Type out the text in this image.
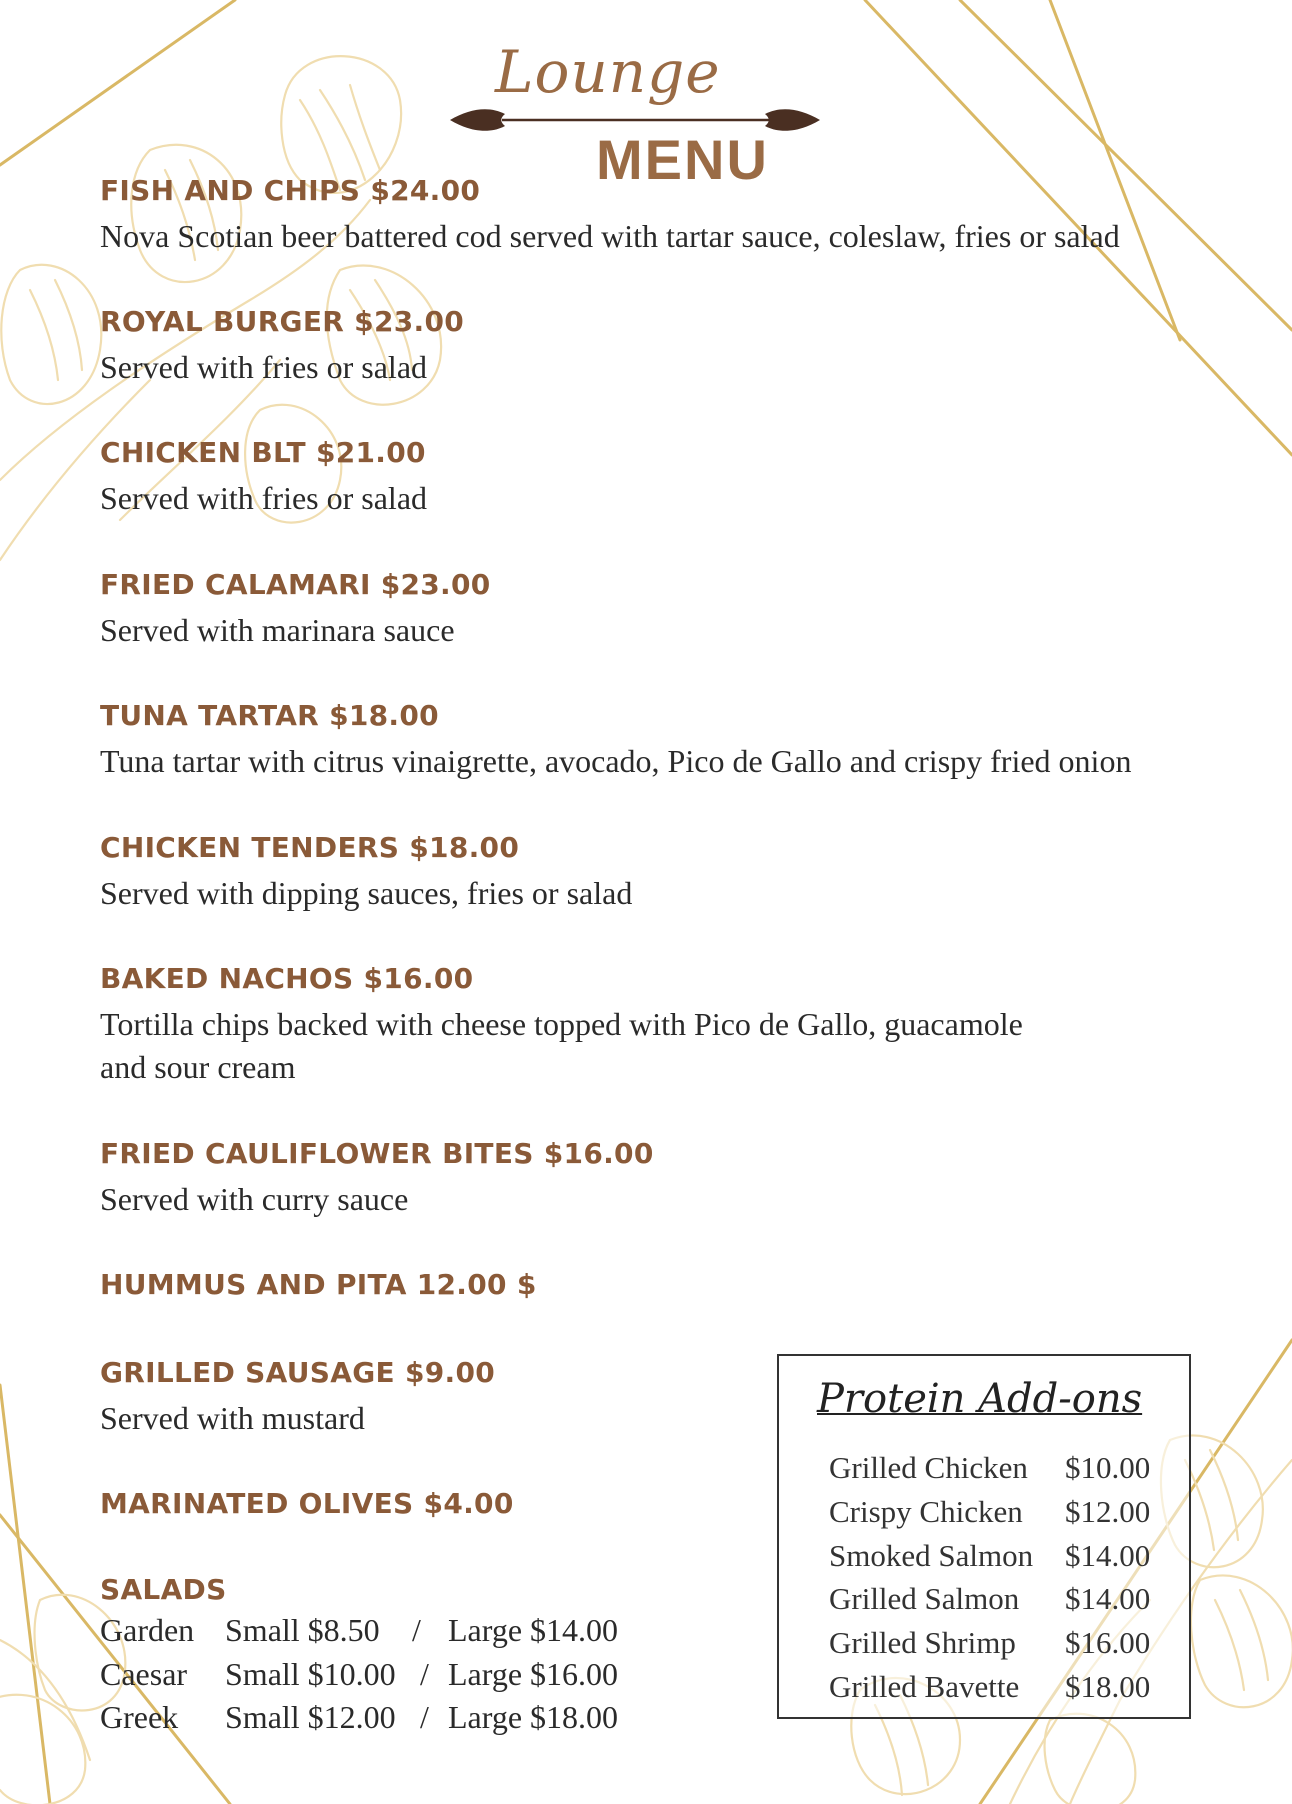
Lounge
MENU
FISH AND CHIPS $24.00
Nova Scotian beer battered cod served with tartar sauce, coleslaw, fries or salad
ROYAL BURGER $23.00
Served with fries or salad
CHICKEN BLT $21.00
Served with fries or salad
FRIED CALAMARI $23.00
Served with marinara sauce
TUNA TARTAR $18.00
Tuna tartar with citrus vinaigrette, avocado, Pico de Gallo and crispy fried onion
CHICKEN TENDERS $18.00
Served with dipping sauces, fries or salad
BAKED NACHOS $16.00
Tortilla chips backed with cheese topped with Pico de Gallo, guacamole
and sour cream
FRIED CAULIFLOWER BITES $16.00
Served with curry sauce
HUMMUS AND PITA 12.00 $
GRILLED SAUSAGE $9.00
Served with mustard
MARINATED OLIVES $4.00
SALADS
Garden Small $8.50 / Large $14.00
Caesar Small $10.00 / Large $16.00
Greek Small $12.00 / Large $18.00
Protein Add-ons
Grilled Chicken $10.00
Crispy Chicken $12.00
Smoked Salmon $14.00
Grilled Salmon $14.00
Grilled Shrimp $16.00
Grilled Bavette $18.00
